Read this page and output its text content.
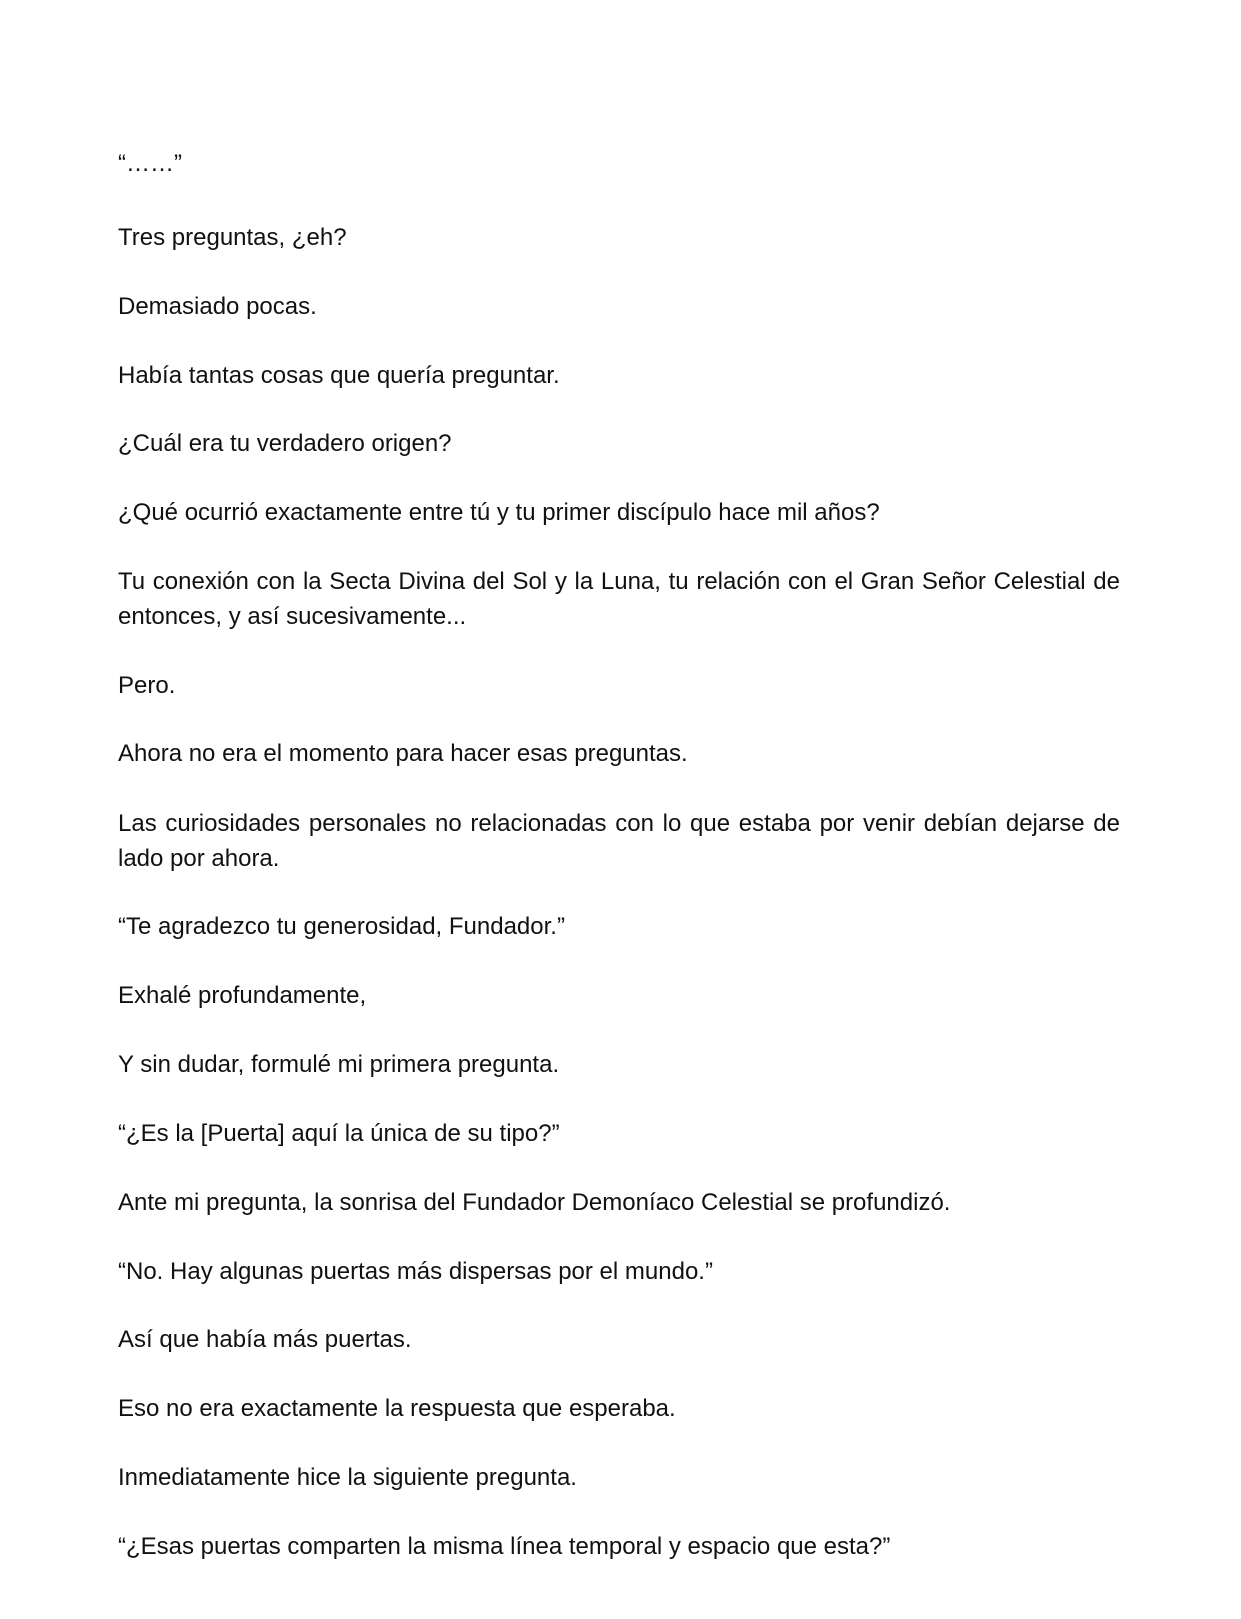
“……”

Tres preguntas, ¿eh?

Demasiado pocas.

Había tantas cosas que quería preguntar.

¿Cuál era tu verdadero origen?

¿Qué ocurrió exactamente entre tú y tu primer discípulo hace mil años?

Tu conexión con la Secta Divina del Sol y la Luna, tu relación con el Gran Señor Celestial de entonces, y así sucesivamente...

Pero.

Ahora no era el momento para hacer esas preguntas.

Las curiosidades personales no relacionadas con lo que estaba por venir debían dejarse de lado por ahora.

“Te agradezco tu generosidad, Fundador.”

Exhalé profundamente,

Y sin dudar, formulé mi primera pregunta.

“¿Es la [Puerta] aquí la única de su tipo?”

Ante mi pregunta, la sonrisa del Fundador Demoníaco Celestial se profundizó.

“No. Hay algunas puertas más dispersas por el mundo.”

Así que había más puertas.

Eso no era exactamente la respuesta que esperaba.

Inmediatamente hice la siguiente pregunta.

“¿Esas puertas comparten la misma línea temporal y espacio que esta?”
